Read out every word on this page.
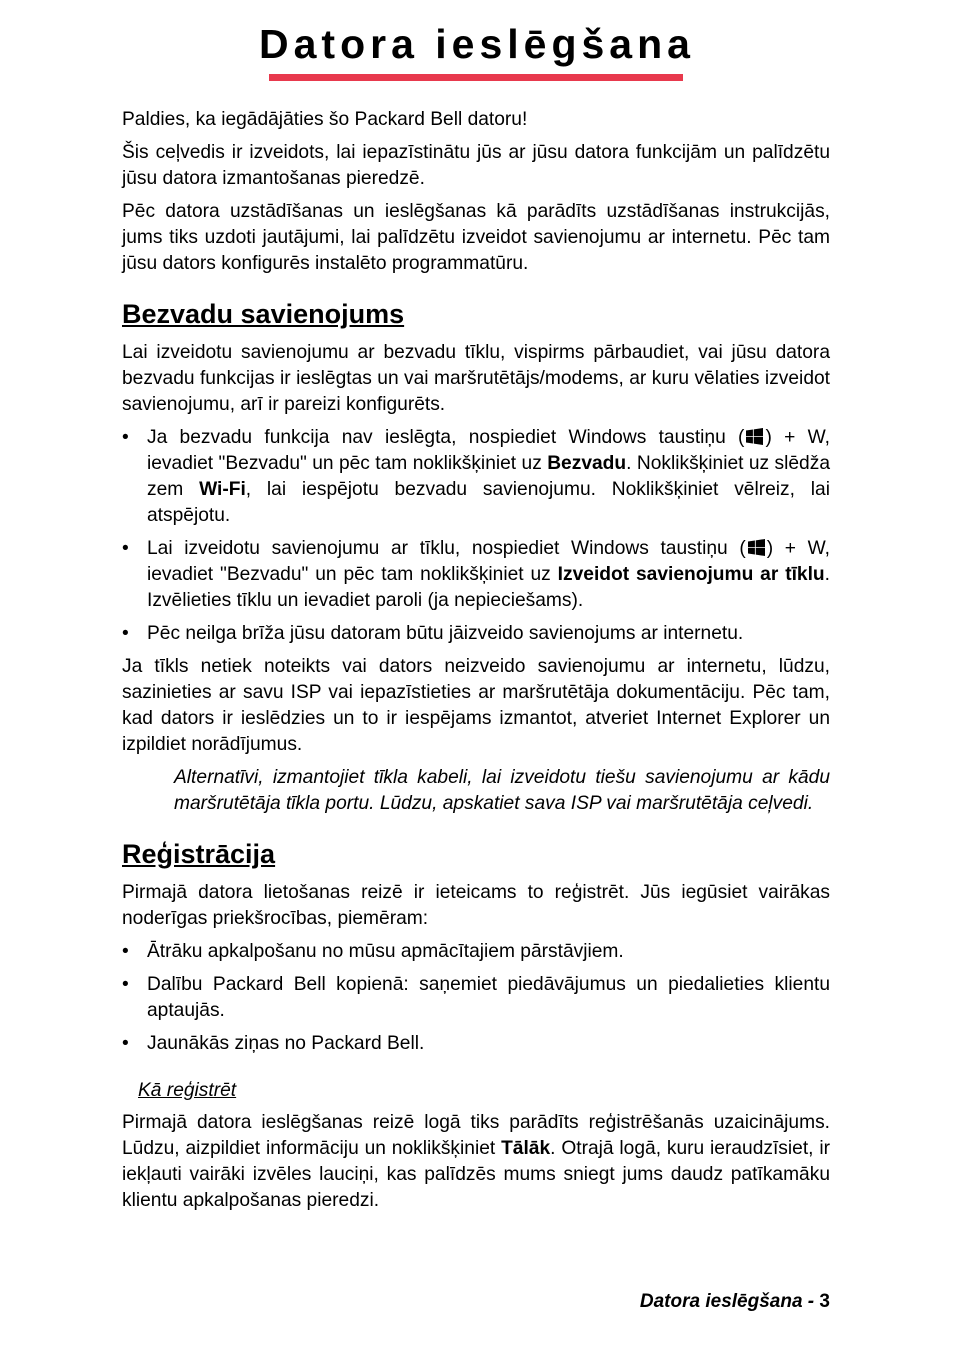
Datora ieslēgšana

Paldies, ka iegādājāties šo Packard Bell datoru!

Šis ceļvedis ir izveidots, lai iepazīstinātu jūs ar jūsu datora funkcijām un palīdzētu jūsu datora izmantošanas pieredzē.

Pēc datora uzstādīšanas un ieslēgšanas kā parādīts uzstādīšanas instrukcijās, jums tiks uzdoti jautājumi, lai palīdzētu izveidot savienojumu ar internetu. Pēc tam jūsu dators konfigurēs instalēto programmatūru.

Bezvadu savienojums

Lai izveidotu savienojumu ar bezvadu tīklu, vispirms pārbaudiet, vai jūsu datora bezvadu funkcijas ir ieslēgtas un vai maršrutētājs/modems, ar kuru vēlaties izveidot savienojumu, arī ir pareizi konfigurēts.

• Ja bezvadu funkcija nav ieslēgta, nospiediet Windows taustiņu ( ) + W, ievadiet "Bezvadu" un pēc tam noklikšķiniet uz Bezvadu. Noklikšķiniet uz slēdža zem Wi-Fi, lai iespējotu bezvadu savienojumu. Noklikšķiniet vēlreiz, lai atspējotu.
• Lai izveidotu savienojumu ar tīklu, nospiediet Windows taustiņu ( ) + W, ievadiet "Bezvadu" un pēc tam noklikšķiniet uz Izveidot savienojumu ar tīklu. Izvēlieties tīklu un ievadiet paroli (ja nepieciešams).
• Pēc neilga brīža jūsu datoram būtu jāizveido savienojums ar internetu.

Ja tīkls netiek noteikts vai dators neizveido savienojumu ar internetu, lūdzu, sazinieties ar savu ISP vai iepazīstieties ar maršrutētāja dokumentāciju. Pēc tam, kad dators ir ieslēdzies un to ir iespējams izmantot, atveriet Internet Explorer un izpildiet norādījumus.

Alternatīvi, izmantojiet tīkla kabeli, lai izveidotu tiešu savienojumu ar kādu maršrutētāja tīkla portu. Lūdzu, apskatiet sava ISP vai maršrutētāja ceļvedi.

Reģistrācija

Pirmajā datora lietošanas reizē ir ieteicams to reģistrēt. Jūs iegūsiet vairākas noderīgas priekšrocības, piemēram:

• Ātrāku apkalpošanu no mūsu apmācītajiem pārstāvjiem.
• Dalību Packard Bell kopienā: saņemiet piedāvājumus un piedalieties klientu aptaujās.
• Jaunākās ziņas no Packard Bell.

Kā reģistrēt

Pirmajā datora ieslēgšanas reizē logā tiks parādīts reģistrēšanās uzaicinājums. Lūdzu, aizpildiet informāciju un noklikšķiniet Tālāk. Otrajā logā, kuru ieraudzīsiet, ir iekļauti vairāki izvēles lauciņi, kas palīdzēs mums sniegt jums daudz patīkamāku klientu apkalpošanas pieredzi.

Datora ieslēgšana - 3
